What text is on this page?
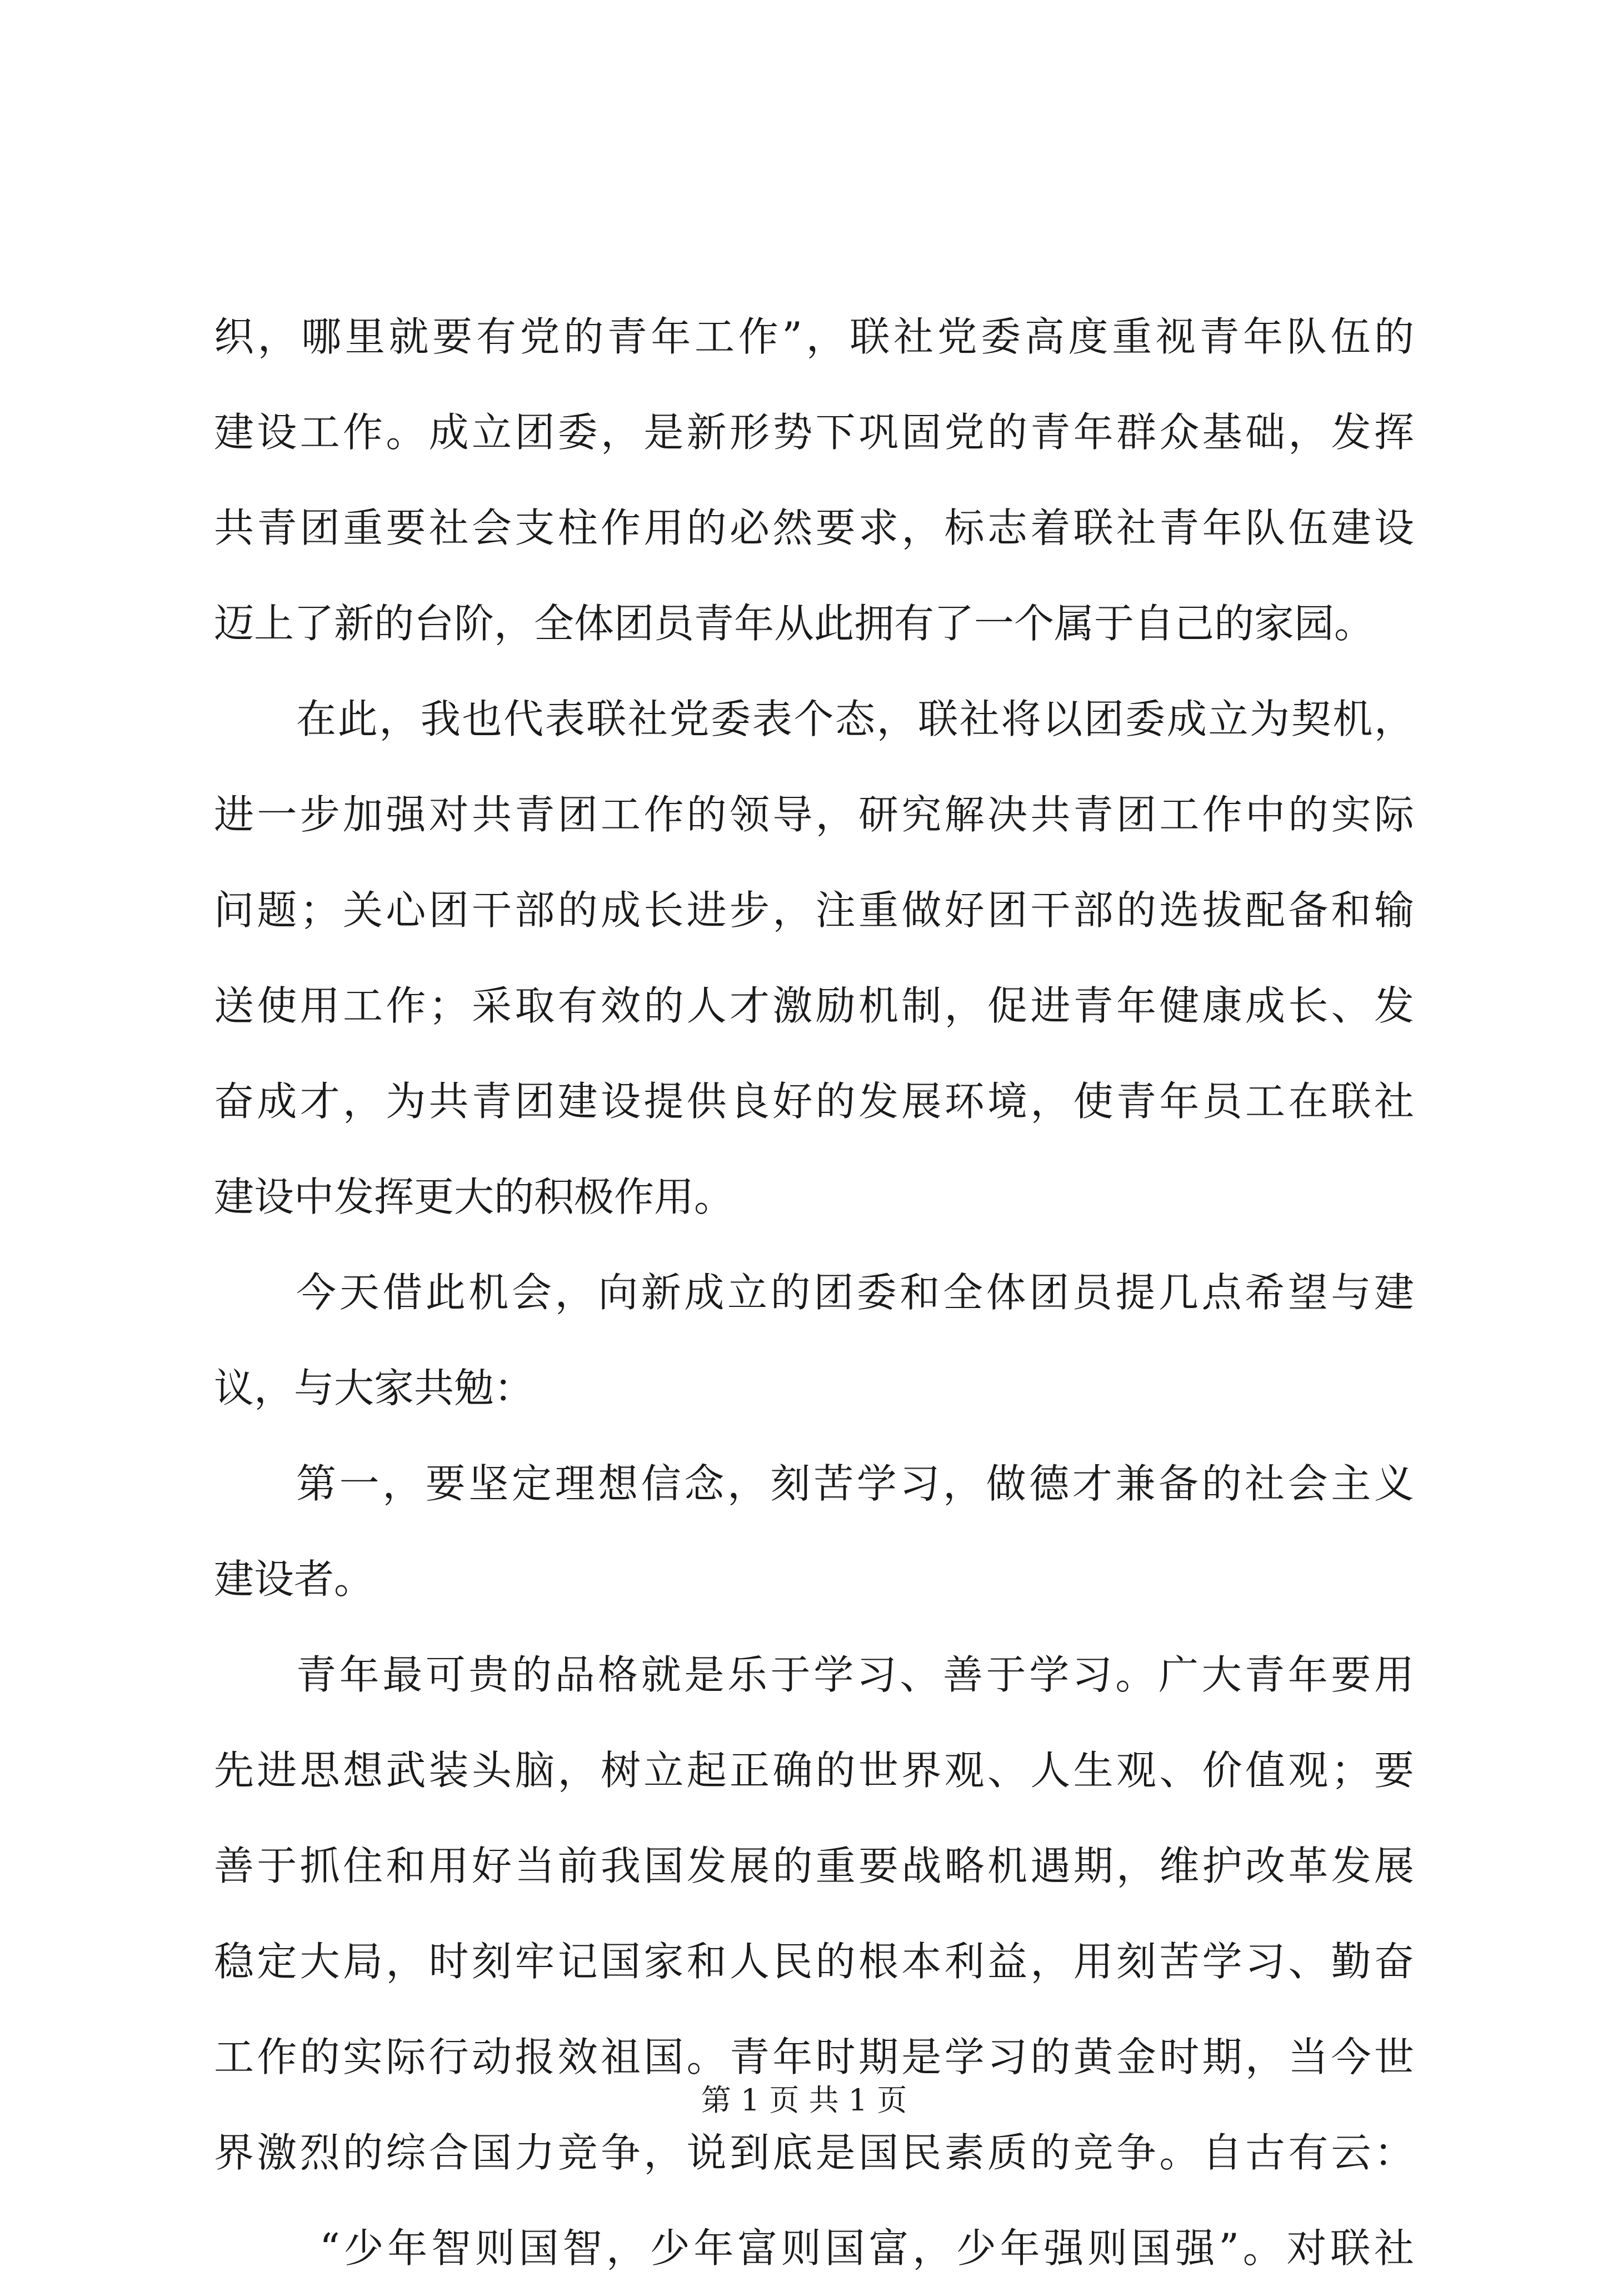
织，哪里就要有党的青年工作”，联社党委高度重视青年队伍的
建设工作。成立团委，是新形势下巩固党的青年群众基础，发挥
共青团重要社会支柱作用的必然要求，标志着联社青年队伍建设
迈上了新的台阶，全体团员青年从此拥有了一个属于自己的家园。
在此，我也代表联社党委表个态，联社将以团委成立为契机，
进一步加强对共青团工作的领导，研究解决共青团工作中的实际
问题；关心团干部的成长进步，注重做好团干部的选拔配备和输
送使用工作；采取有效的人才激励机制，促进青年健康成长、发
奋成才，为共青团建设提供良好的发展环境，使青年员工在联社
建设中发挥更大的积极作用。
今天借此机会，向新成立的团委和全体团员提几点希望与建
议，与大家共勉：
第一，要坚定理想信念，刻苦学习，做德才兼备的社会主义
建设者。
青年最可贵的品格就是乐于学习、善于学习。广大青年要用
先进思想武装头脑，树立起正确的世界观、人生观、价值观；要
善于抓住和用好当前我国发展的重要战略机遇期，维护改革发展
稳定大局，时刻牢记国家和人民的根本利益，用刻苦学习、勤奋
工作的实际行动报效祖国。青年时期是学习的黄金时期，当今世
界激烈的综合国力竞争，说到底是国民素质的竞争。自古有云：
“少年智则国智，少年富则国富，少年强则国强”。对联社
第 1 页 共 1 页
